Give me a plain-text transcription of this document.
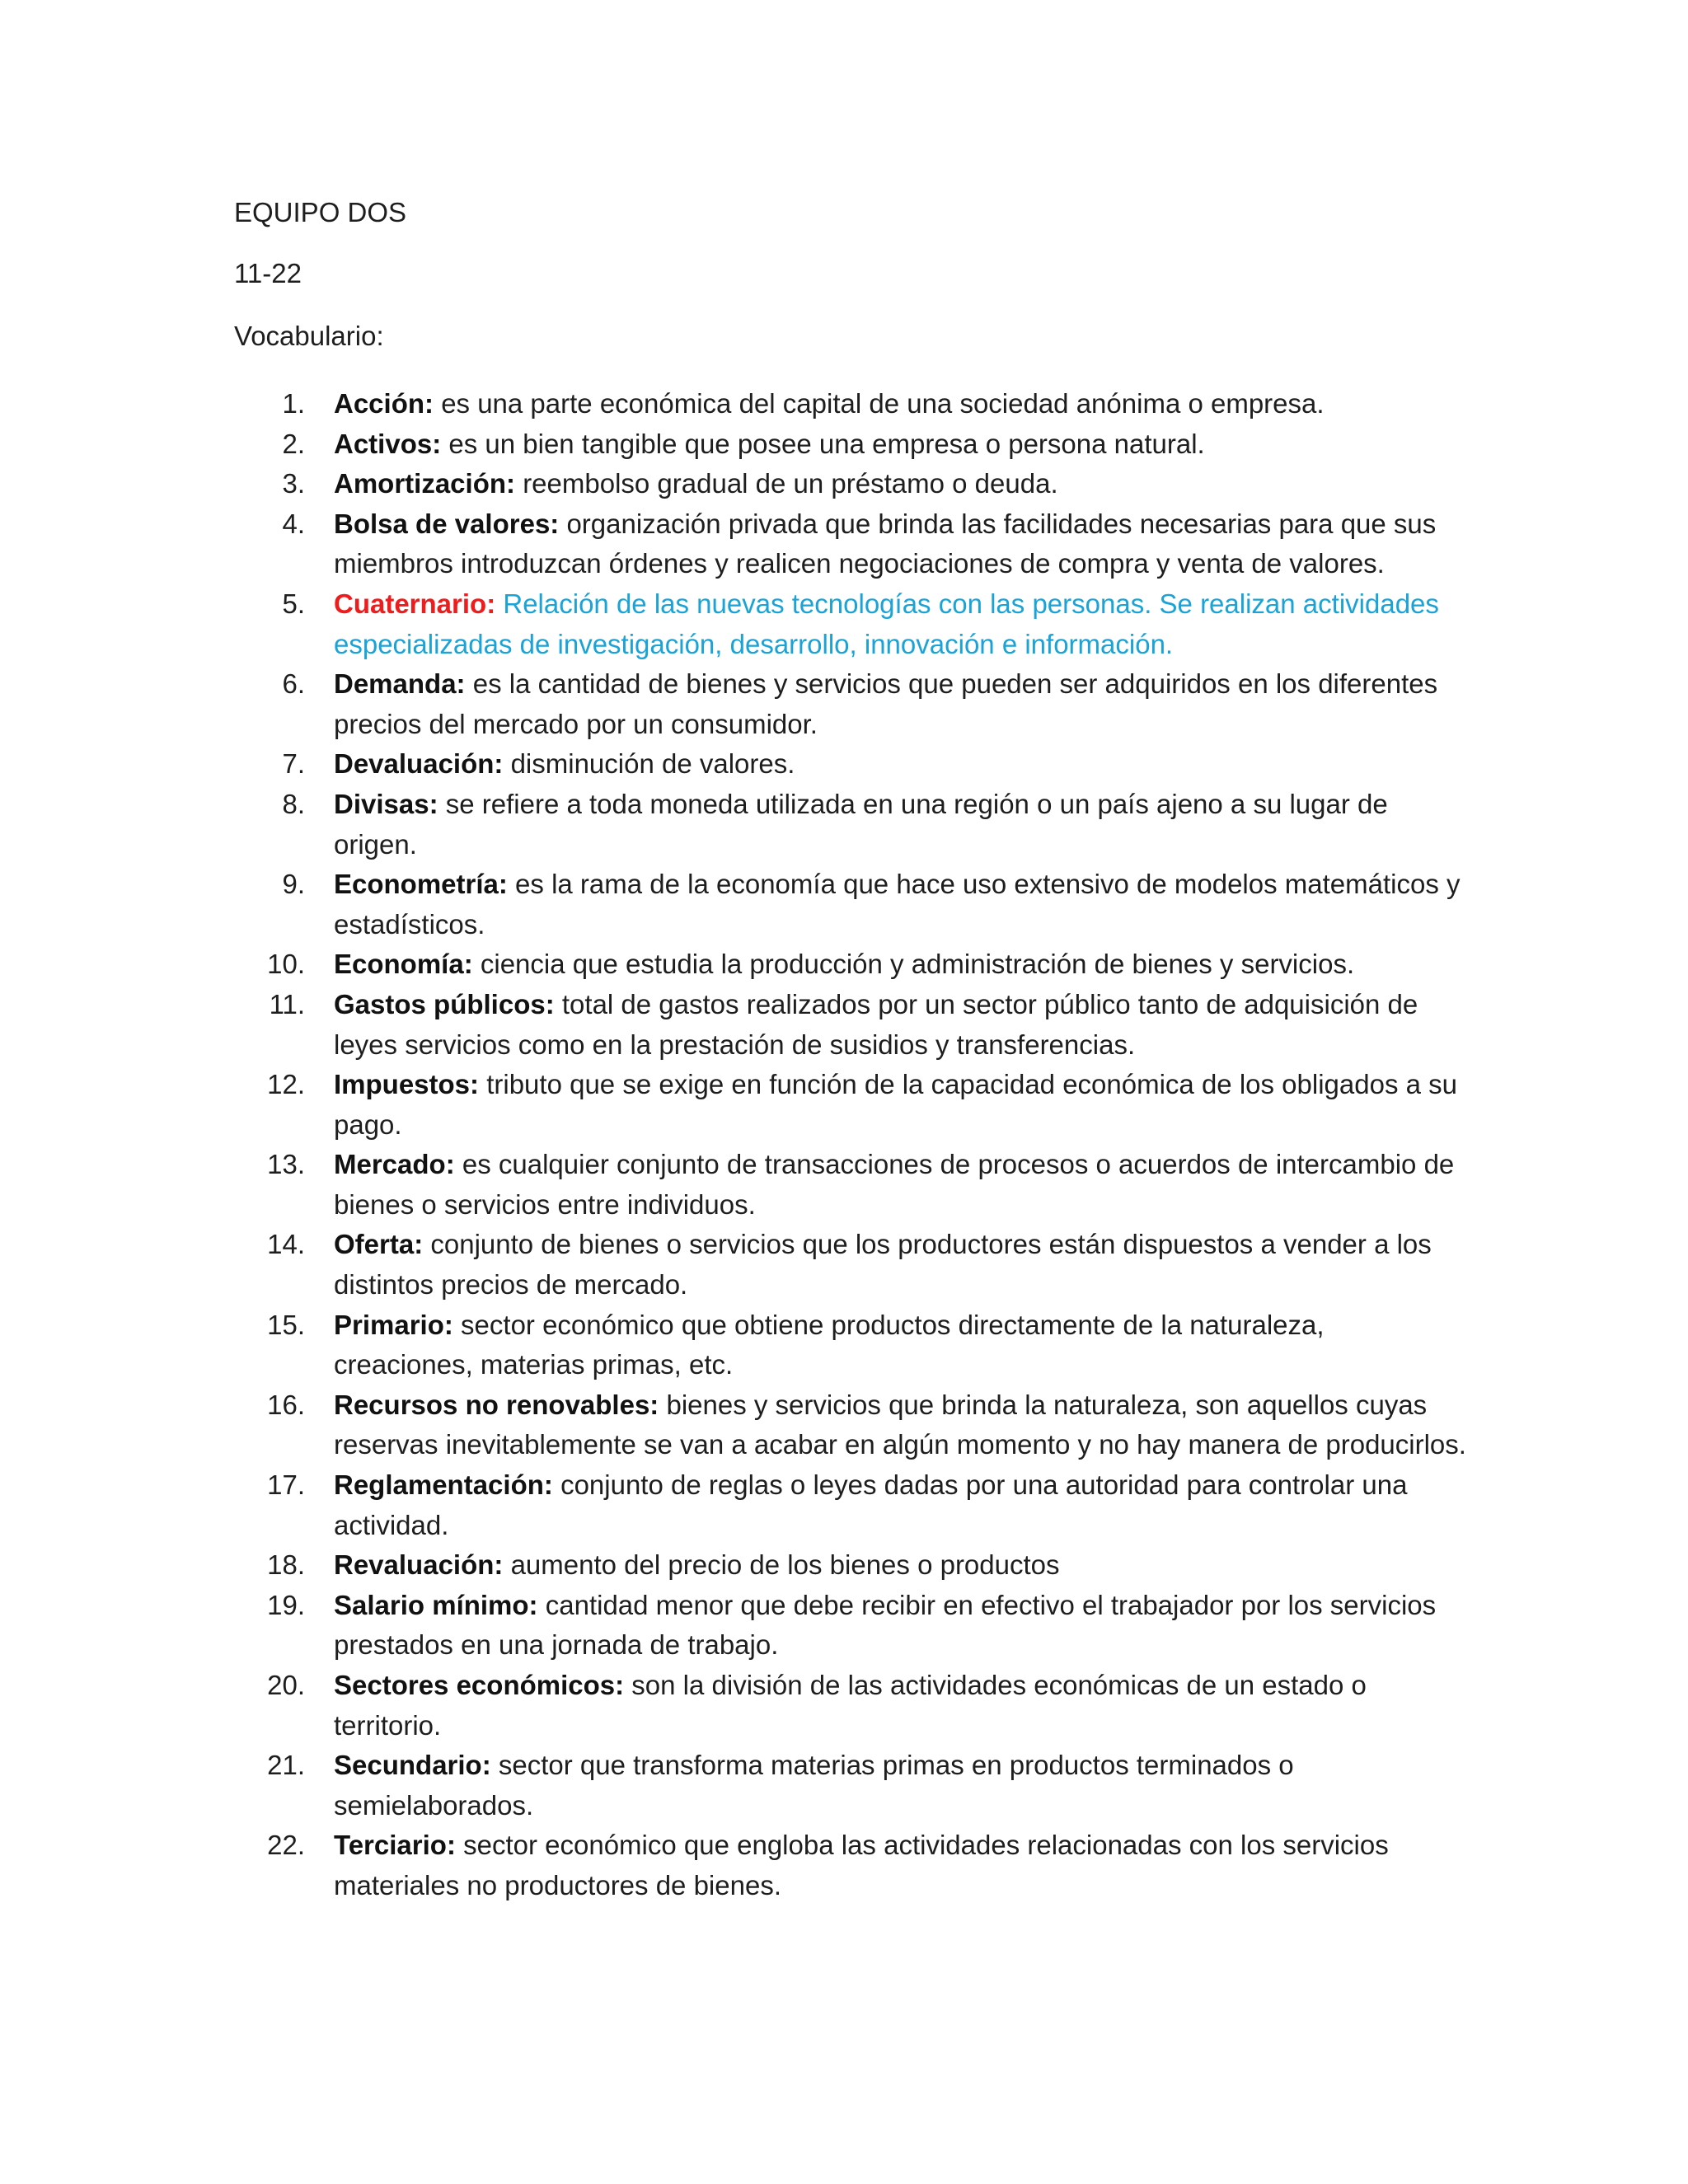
EQUIPO DOS
11-22
Vocabulario:
1. Acción: es una parte económica del capital de una sociedad anónima o empresa.
2. Activos: es un bien tangible que posee una empresa o persona natural.
3. Amortización: reembolso gradual de un préstamo o deuda.
4. Bolsa de valores: organización privada que brinda las facilidades necesarias para que sus miembros introduzcan órdenes y realicen negociaciones de compra y venta de valores.
5. Cuaternario: Relación de las nuevas tecnologías con las personas. Se realizan actividades especializadas de investigación, desarrollo, innovación e información.
6. Demanda: es la cantidad de bienes y servicios que pueden ser adquiridos en los diferentes precios del mercado por un consumidor.
7. Devaluación: disminución de valores.
8. Divisas: se refiere a toda moneda utilizada en una región o un país ajeno a su lugar de origen.
9. Econometría: es la rama de la economía que hace uso extensivo de modelos matemáticos y estadísticos.
10. Economía: ciencia que estudia la producción y administración de bienes y servicios.
11. Gastos públicos: total de gastos realizados por un sector público tanto de adquisición de leyes servicios como en la prestación de susidios y transferencias.
12. Impuestos: tributo que se exige en función de la capacidad económica de los obligados a su pago.
13. Mercado: es cualquier conjunto de transacciones de procesos o acuerdos de intercambio de bienes o servicios entre individuos.
14. Oferta: conjunto de bienes o servicios que los productores están dispuestos a vender a los distintos precios de mercado.
15. Primario: sector económico que obtiene productos directamente de la naturaleza, creaciones, materias primas, etc.
16. Recursos no renovables: bienes y servicios que brinda la naturaleza, son aquellos cuyas reservas inevitablemente se van a acabar en algún momento y no hay manera de producirlos.
17. Reglamentación: conjunto de reglas o leyes dadas por una autoridad para controlar una actividad.
18. Revaluación: aumento del precio de los bienes o productos
19. Salario mínimo: cantidad menor que debe recibir en efectivo el trabajador por los servicios prestados en una jornada de trabajo.
20. Sectores económicos: son la división de las actividades económicas de un estado o territorio.
21. Secundario: sector que transforma materias primas en productos terminados o semielaborados.
22. Terciario: sector económico que engloba las actividades relacionadas con los servicios materiales no productores de bienes.
